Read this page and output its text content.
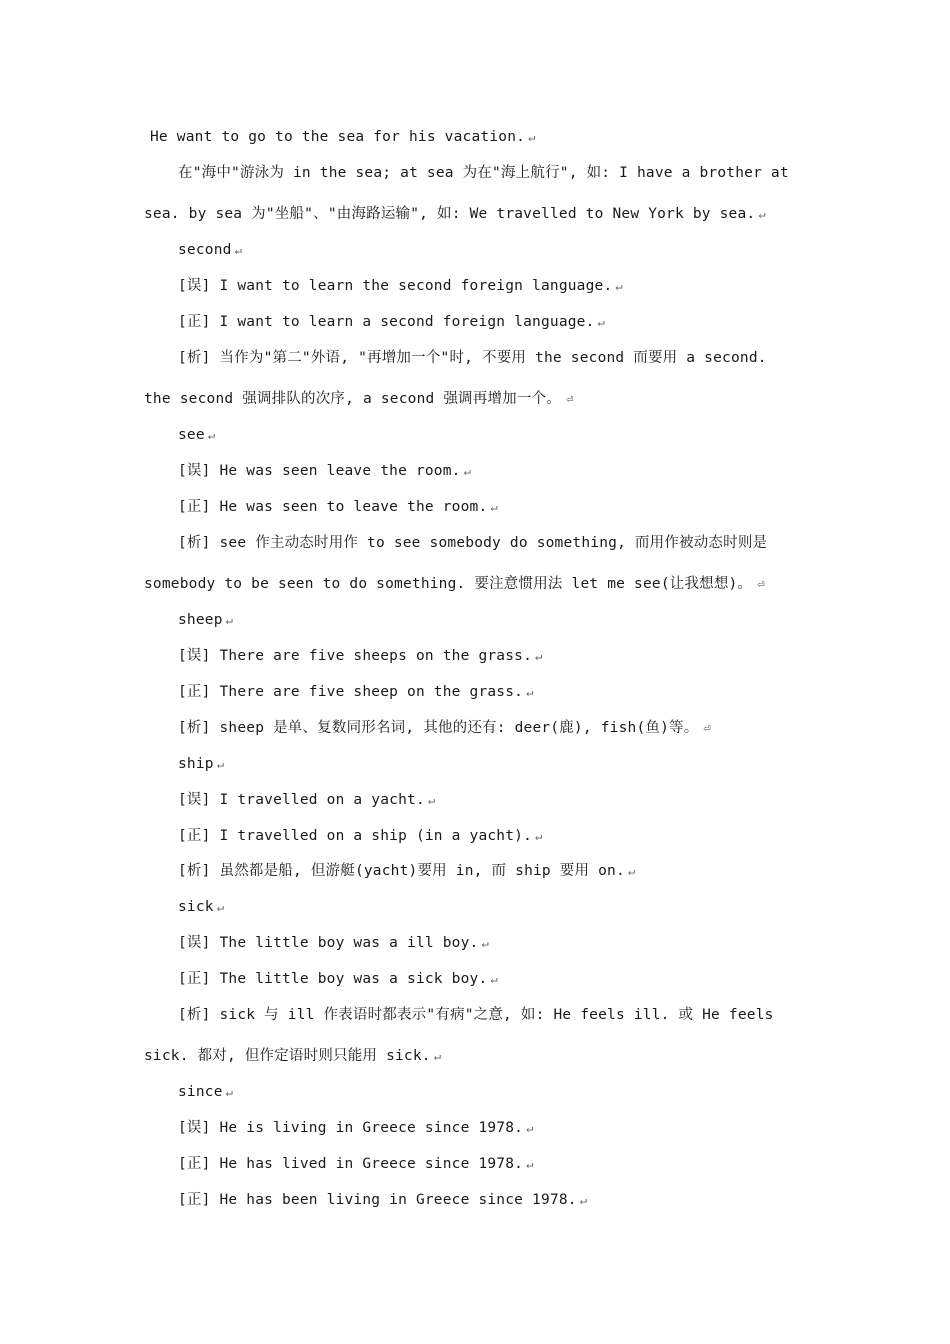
He want to go to the sea for his vacation. ↵
在"海中"游泳为 in the sea; at sea 为在"海上航行", 如: I have a brother at
sea. by sea 为"坐船"、"由海路运输", 如: We travelled to New York by sea. ↵
second ↵
[误] I want to learn the second foreign language. ↵
[正] I want to learn a second foreign language. ↵
[析] 当作为"第二"外语, "再增加一个"时, 不要用 the second 而要用 a second.
the second 强调排队的次序, a second 强调再增加一个。 ⏎
see ↵
[误] He was seen leave the room. ↵
[正] He was seen to leave the room. ↵
[析] see 作主动态时用作 to see somebody do something, 而用作被动态时则是
somebody to be seen to do something. 要注意惯用法 let me see(让我想想)。 ⏎
sheep ↵
[误] There are five sheeps on the grass. ↵
[正] There are five sheep on the grass. ↵
[析] sheep 是单、复数同形名词, 其他的还有: deer(鹿), fish(鱼)等。 ⏎
ship ↵
[误] I travelled on a yacht. ↵
[正] I travelled on a ship (in a yacht). ↵
[析] 虽然都是船, 但游艇(yacht)要用 in, 而 ship 要用 on. ↵
sick ↵
[误] The little boy was a ill boy. ↵
[正] The little boy was a sick boy. ↵
[析] sick 与 ill 作表语时都表示"有病"之意, 如: He feels ill. 或 He feels
sick. 都对, 但作定语时则只能用 sick. ↵
since ↵
[误] He is living in Greece since 1978. ↵
[正] He has lived in Greece since 1978. ↵
[正] He has been living in Greece since 1978. ↵
